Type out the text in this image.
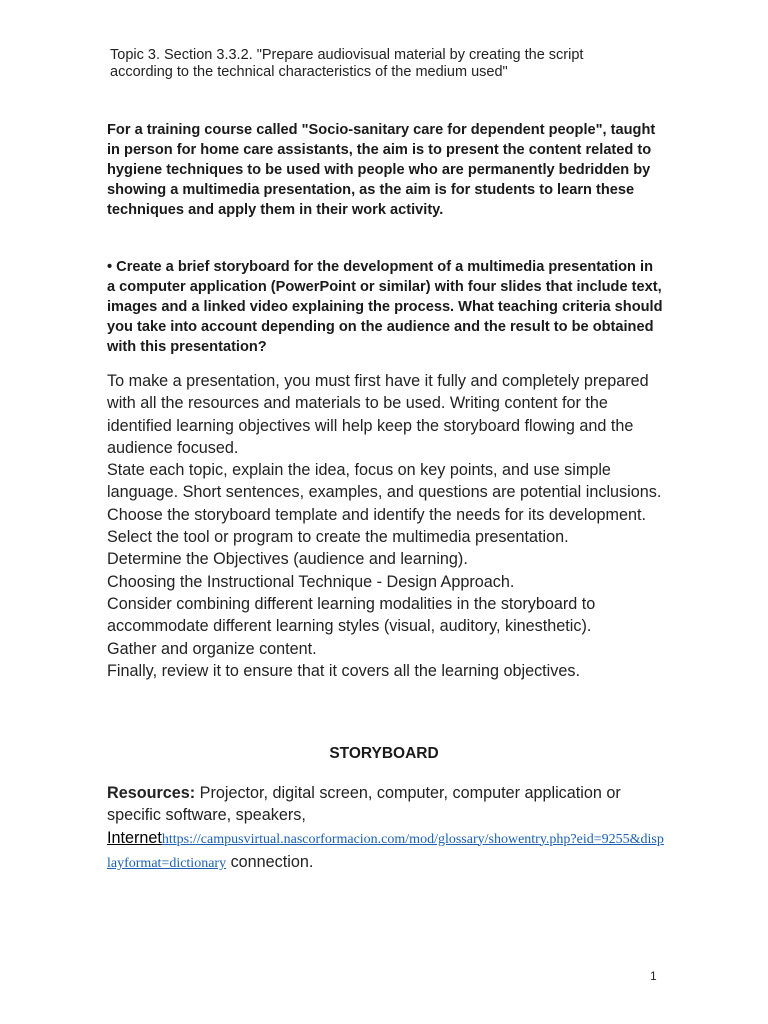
Topic 3. Section 3.3.2. "Prepare audiovisual material by creating the script
according to the technical characteristics of the medium used"
For a training course called "Socio-sanitary care for dependent people", taught in person for home care assistants, the aim is to present the content related to hygiene techniques to be used with people who are permanently bedridden by showing a multimedia presentation, as the aim is for students to learn these techniques and apply them in their work activity.
• Create a brief storyboard for the development of a multimedia presentation in a computer application (PowerPoint or similar) with four slides that include text, images and a linked video explaining the process. What teaching criteria should you take into account depending on the audience and the result to be obtained with this presentation?

To make a presentation, you must first have it fully and completely prepared with all the resources and materials to be used. Writing content for the identified learning objectives will help keep the storyboard flowing and the audience focused.

State each topic, explain the idea, focus on key points, and use simple language. Short sentences, examples, and questions are potential inclusions.

Choose the storyboard template and identify the needs for its development.

Select the tool or program to create the multimedia presentation.

Determine the Objectives (audience and learning).

Choosing the Instructional Technique - Design Approach.

Consider combining different learning modalities in the storyboard to accommodate different learning styles (visual, auditory, kinesthetic).

Gather and organize content.

Finally, review it to ensure that it covers all the learning objectives.

STORYBOARD
Resources: Projector, digital screen, computer, computer application or specific software, speakers,
Internethttps://campusvirtual.nascorformacion.com/mod/glossary/showentry.php?eid=9255&displayformat=dictionary connection.
1
